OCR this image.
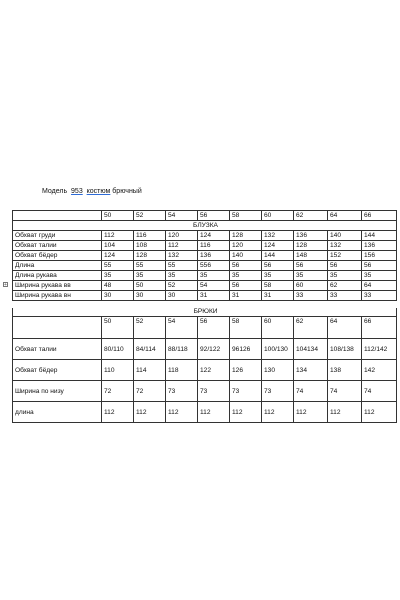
Модель 953 костюм брючный
+
	50	52	54	56	58	60	62	64	66
БЛУЗКА									
Обхват груди	112	116	120	124	128	132	136	140	144
Обхват талии	104	108	112	116	120	124	128	132	136
Обхват бёдер	124	128	132	136	140	144	148	152	156
Длина	55	55	55	556	56	56	56	56	56
Длина рукава	35	35	35	35	35	35	35	35	35
Ширина рукава вв	48	50	52	54	56	58	60	62	64
Ширина рукава вн	30	30	30	31	31	31	33	33	33
БРЮКИ									
	50	52	54	56	58	60	62	64	66
Обхват талии	80/110	84/114	88/118	92/122	96126	100/130	104134	108/138	112/142
Обхват бёдер	110	114	118	122	126	130	134	138	142
Ширина по низу	72	72	73	73	73	73	74	74	74
длина	112	112	112	112	112	112	112	112	112
